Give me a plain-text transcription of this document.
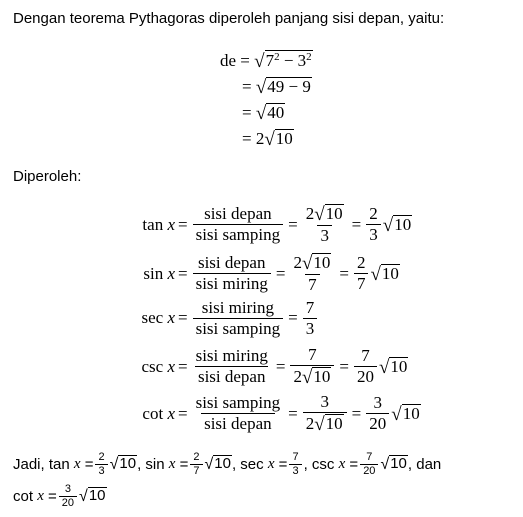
Dengan teorema Pythagoras diperoleh panjang sisi depan, yaitu:
de = $√7^2 - 3^2$
= √49 − 9
= √40
= 2√10
Diperoleh:
$\tan x = \frac{\text{sisi depan}}{\text{sisi samping}} = \frac{2√10}{3} = \frac{2}{3} √10$
$\sin x = \frac{\text{sisi depan}}{\text{sisi miring}} = \frac{2√10}{7} = \frac{2}{7} √10$
$\sec x = \frac{\text{sisi miring}}{\text{sisi samping}} = \frac{7}{3}$
$\csc x = \frac{\text{sisi miring}}{\text{sisi depan}} = \frac{7}{2√10} = \frac{7}{20} √10$
$\cot x = \frac{\text{sisi samping}}{\text{sisi depan}} = \frac{3}{2√10} = \frac{3}{20} √10$
Jadi, $\tan x = \frac{2}{3} √10$ , $\sin x = \frac{2}{7} √10$ , $\sec x = \frac{7}{3}$ , $\csc x = \frac{7}{20} √10$ , dan
$\cot x = \frac{3}{20} √10$
